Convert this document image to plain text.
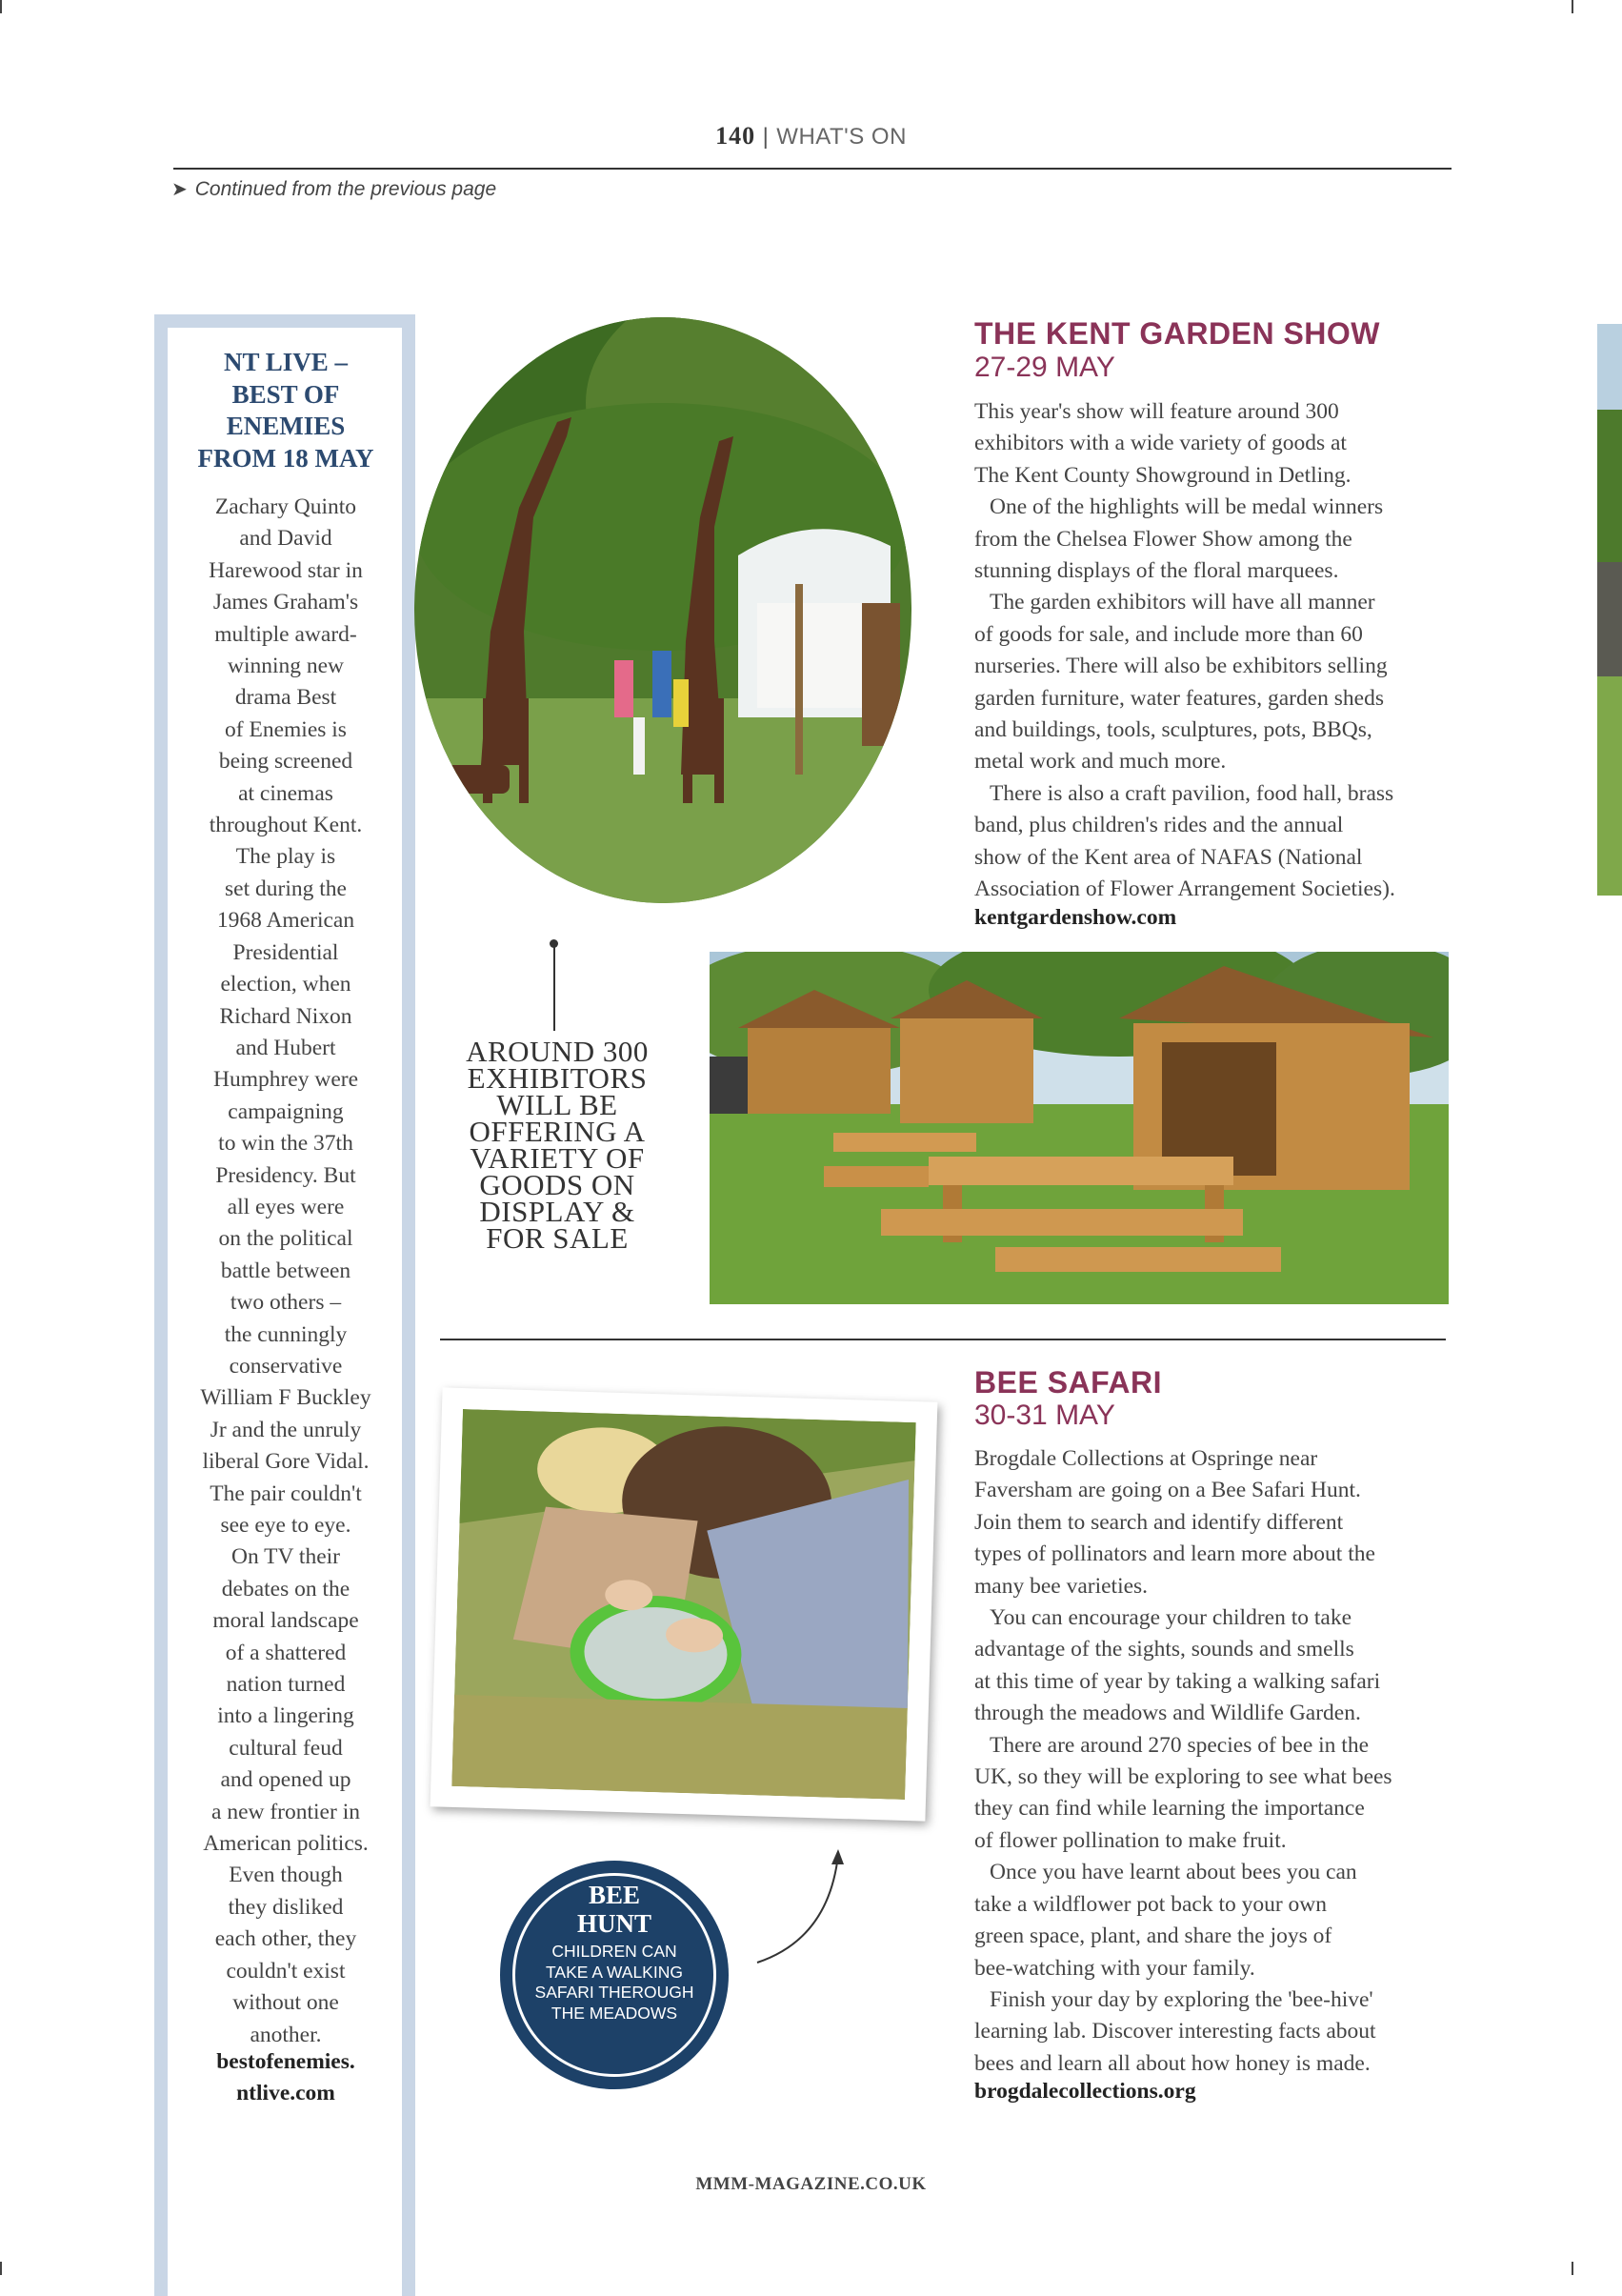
140 | WHAT'S ON
➤ Continued from the previous page
NT LIVE –
BEST OF
ENEMIES
FROM 18 MAY
Zachary Quinto
and David
Harewood star in
James Graham's
multiple award-
winning new
drama Best
of Enemies is
being screened
at cinemas
throughout Kent.
The play is
set during the
1968 American
Presidential
election, when
Richard Nixon
and Hubert
Humphrey were
campaigning
to win the 37th
Presidency. But
all eyes were
on the political
battle between
two others –
the cunningly
conservative
William F Buckley
Jr and the unruly
liberal Gore Vidal.
The pair couldn't
see eye to eye.
On TV their
debates on the
moral landscape
of a shattered
nation turned
into a lingering
cultural feud
and opened up
a new frontier in
American politics.
Even though
they disliked
each other, they
couldn't exist
without one
another.
bestofenemies.
ntlive.com
AROUND 300
EXHIBITORS
WILL BE
OFFERING A
VARIETY OF
GOODS ON
DISPLAY &
FOR SALE
THE KENT GARDEN SHOW
27-29 MAY
This year's show will feature around 300
exhibitors with a wide variety of goods at
The Kent County Showground in Detling.
One of the highlights will be medal winners
from the Chelsea Flower Show among the
stunning displays of the floral marquees.
The garden exhibitors will have all manner
of goods for sale, and include more than 60
nurseries. There will also be exhibitors selling
garden furniture, water features, garden sheds
and buildings, tools, sculptures, pots, BBQs,
metal work and much more.
There is also a craft pavilion, food hall, brass
band, plus children's rides and the annual
show of the Kent area of NAFAS (National
Association of Flower Arrangement Societies).
kentgardenshow.com
BEE SAFARI
30-31 MAY
Brogdale Collections at Ospringe near
Faversham are going on a Bee Safari Hunt.
Join them to search and identify different
types of pollinators and learn more about the
many bee varieties.
You can encourage your children to take
advantage of the sights, sounds and smells
at this time of year by taking a walking safari
through the meadows and Wildlife Garden.
There are around 270 species of bee in the
UK, so they will be exploring to see what bees
they can find while learning the importance
of flower pollination to make fruit.
Once you have learnt about bees you can
take a wildflower pot back to your own
green space, plant, and share the joys of
bee-watching with your family.
Finish your day by exploring the 'bee-hive'
learning lab. Discover interesting facts about
bees and learn all about how honey is made.
brogdalecollections.org
BEE
HUNT
CHILDREN CAN
TAKE A WALKING
SAFARI THEROUGH
THE MEADOWS
MMM-MAGAZINE.CO.UK
